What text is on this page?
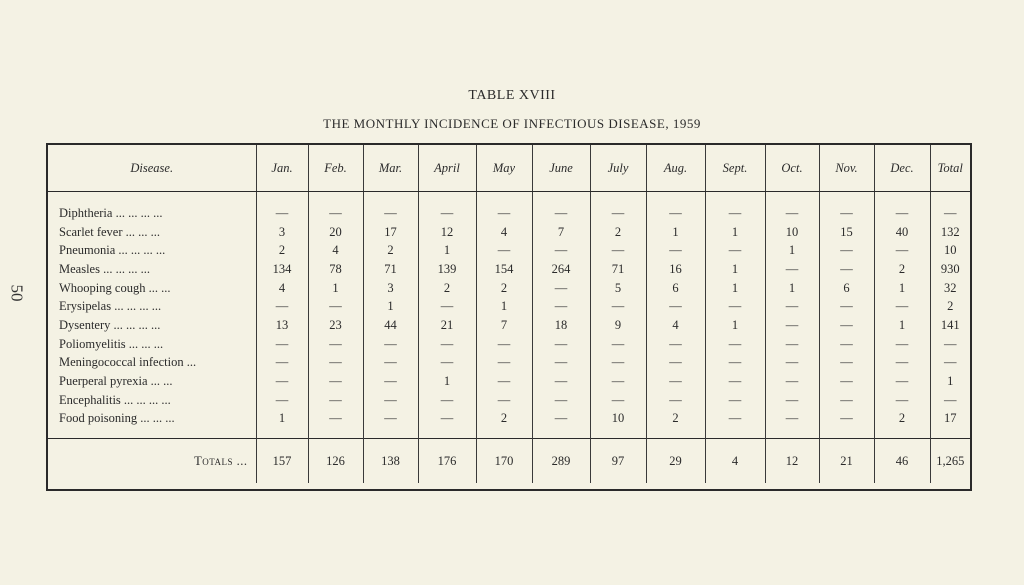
50
TABLE XVIII
THE MONTHLY INCIDENCE OF INFECTIOUS DISEASE, 1959
Disease.	Jan.	Feb.	Mar.	April	May	June	July	Aug.	Sept.	Oct.	Nov.	Dec.	Total

Diphtheria ... ... ... ...	—	—	—	—	—	—	—	—	—	—	—	—	—
Scarlet fever ... ... ...	3	20	17	12	4	7	2	1	1	10	15	40	132
Pneumonia ... ... ... ...	2	4	2	1	—	—	—	—	—	1	—	—	10
Measles ... ... ... ...	134	78	71	139	154	264	71	16	1	—	—	2	930
Whooping cough ... ...	4	1	3	2	2	—	5	6	1	1	6	1	32
Erysipelas ... ... ... ...	—	—	1	—	1	—	—	—	—	—	—	—	2
Dysentery ... ... ... ...	13	23	44	21	7	18	9	4	1	—	—	1	141
Poliomyelitis ... ... ...	—	—	—	—	—	—	—	—	—	—	—	—	—
Meningococcal infection ...	—	—	—	—	—	—	—	—	—	—	—	—	—
Puerperal pyrexia ... ...	—	—	—	1	—	—	—	—	—	—	—	—	1
Encephalitis ... ... ... ...	—	—	—	—	—	—	—	—	—	—	—	—	—
Food poisoning ... ... ...	1	—	—	—	2	—	10	2	—	—	—	2	17

Totals ...	157	126	138	176	170	289	97	29	4	12	21	46	1,265
